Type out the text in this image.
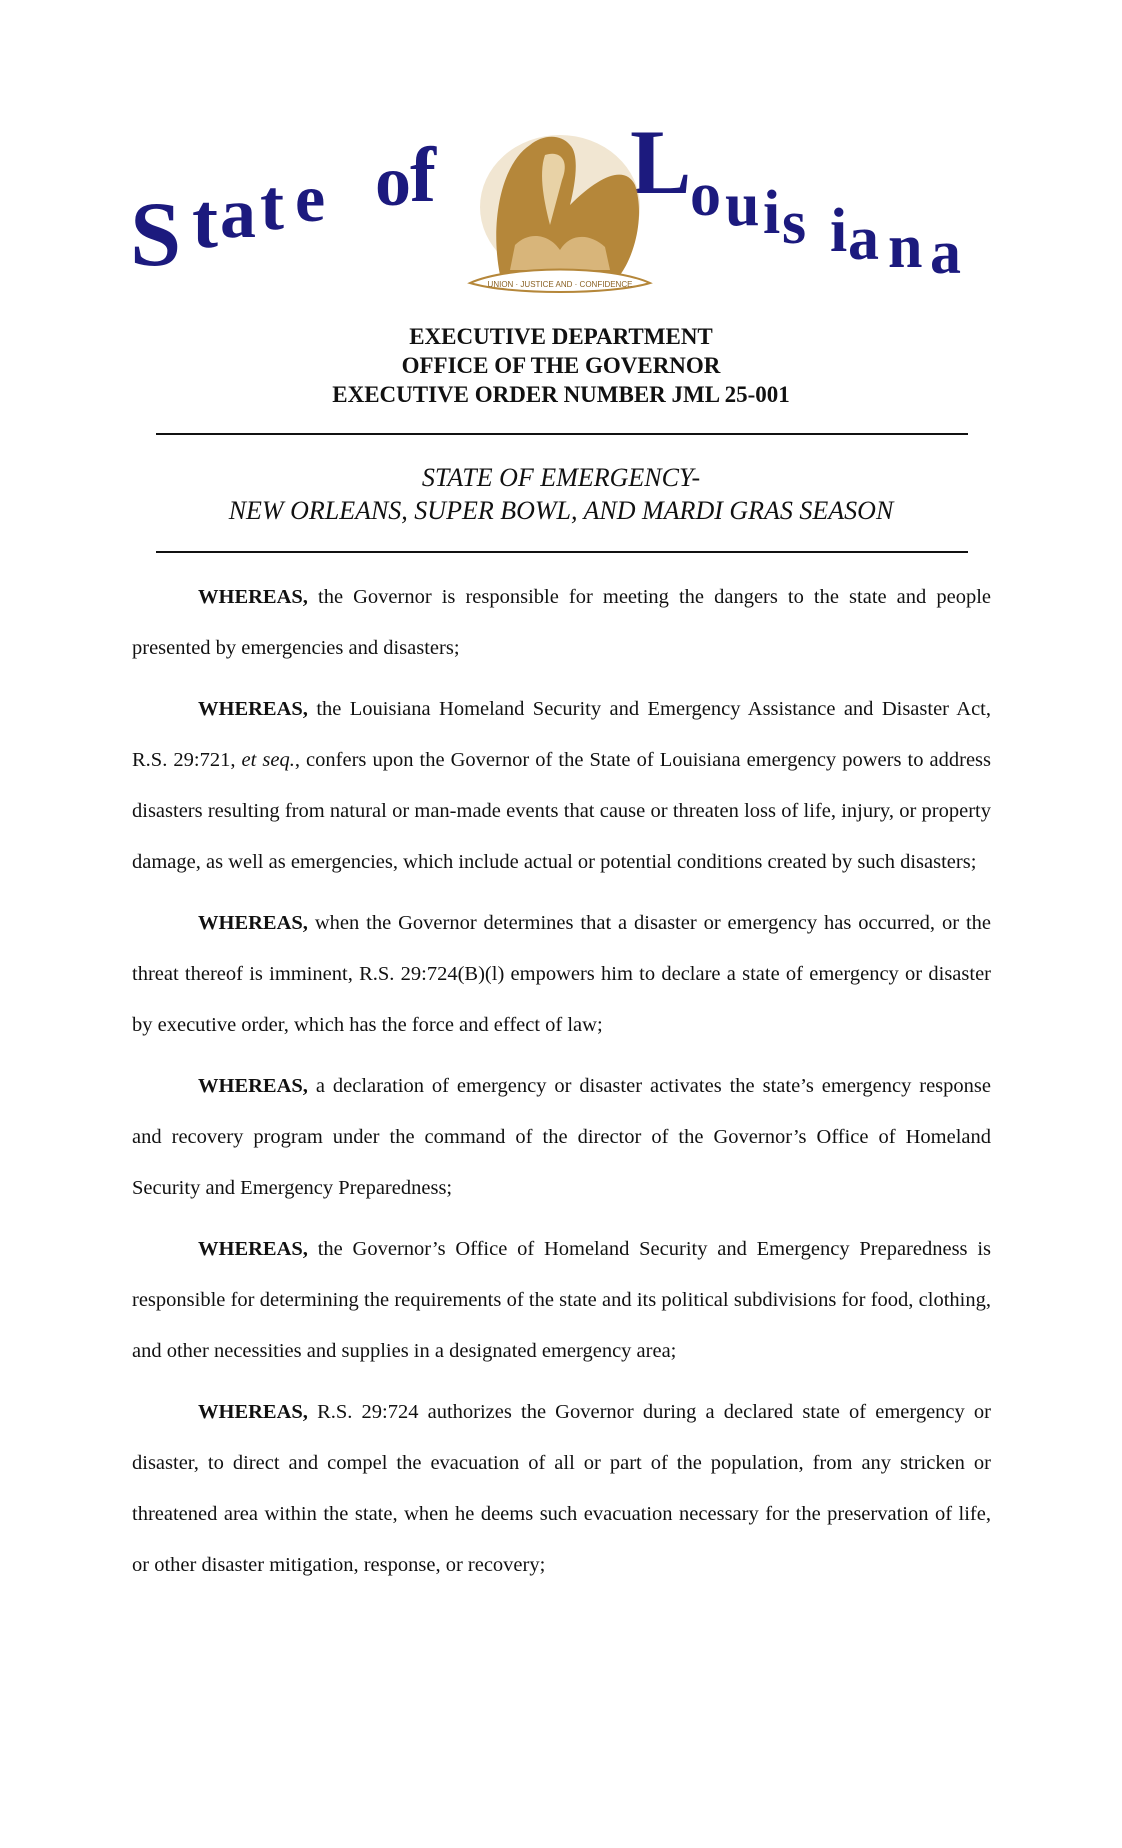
S t a t e o f L
o u i s i a n a
UNION · JUSTICE AND · CONFIDENCE
EXECUTIVE DEPARTMENT
OFFICE OF THE GOVERNOR
EXECUTIVE ORDER NUMBER JML 25-001
STATE OF EMERGENCY-
NEW ORLEANS, SUPER BOWL, AND MARDI GRAS SEASON

WHEREAS, the Governor is responsible for meeting the dangers to the state and people presented by emergencies and disasters;

WHEREAS, the Louisiana Homeland Security and Emergency Assistance and Disaster Act, R.S. 29:721, et seq., confers upon the Governor of the State of Louisiana emergency powers to address disasters resulting from natural or man-made events that cause or threaten loss of life, injury, or property damage, as well as emergencies, which include actual or potential conditions created by such disasters;

WHEREAS, when the Governor determines that a disaster or emergency has occurred, or the threat thereof is imminent, R.S. 29:724(B)(l) empowers him to declare a state of emergency or disaster by executive order, which has the force and effect of law;

WHEREAS, a declaration of emergency or disaster activates the state’s emergency response and recovery program under the command of the director of the Governor’s Office of Homeland Security and Emergency Preparedness;

WHEREAS, the Governor’s Office of Homeland Security and Emergency Preparedness is responsible for determining the requirements of the state and its political subdivisions for food, clothing, and other necessities and supplies in a designated emergency area;

WHEREAS, R.S. 29:724 authorizes the Governor during a declared state of emergency or disaster, to direct and compel the evacuation of all or part of the population, from any stricken or threatened area within the state, when he deems such evacuation necessary for the preservation of life, or other disaster mitigation, response, or recovery;
